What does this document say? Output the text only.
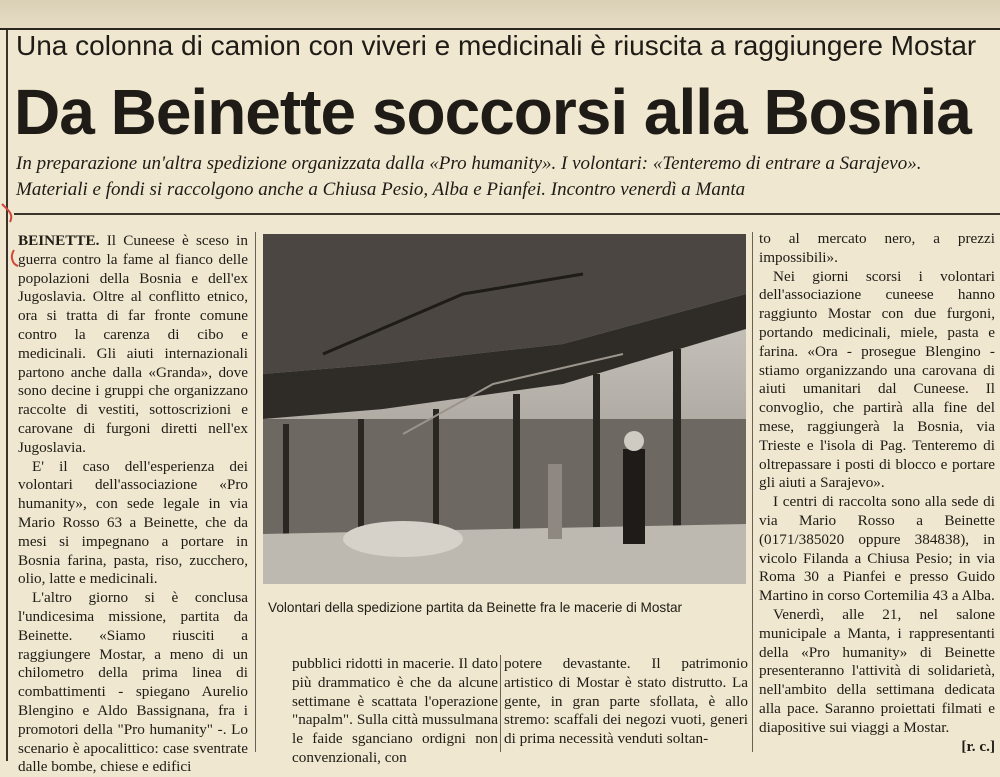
Una colonna di camion con viveri e medicinali è riuscita a raggiungere Mostar
Da Beinette soccorsi alla Bosnia
In preparazione un'altra spedizione organizzata dalla «Pro humanity». I volontari: «Tenteremo di entrare a Sarajevo». Materiali e fondi si raccolgono anche a Chiusa Pesio, Alba e Pianfei. Incontro venerdì a Manta

BEINETTE. Il Cuneese è sceso in guerra contro la fame al fianco delle popolazioni della Bosnia e dell'ex Jugoslavia. Oltre al conflitto etnico, ora si tratta di far fronte comune contro la carenza di cibo e medicinali. Gli aiuti internazionali partono anche dalla «Granda», dove sono decine i gruppi che organizzano raccolte di vestiti, sottoscrizioni e carovane di furgoni diretti nell'ex Jugoslavia.

E' il caso dell'esperienza dei volontari dell'associazione «Pro humanity», con sede legale in via Mario Rosso 63 a Beinette, che da mesi si impegnano a portare in Bosnia farina, pasta, riso, zucchero, olio, latte e medicinali.

L'altro giorno si è conclusa l'undicesima missione, partita da Beinette. «Siamo riusciti a raggiungere Mostar, a meno di un chilometro della prima linea di combattimenti - spiegano Aurelio Blengino e Aldo Bassignana, fra i promotori della "Pro humanity" -. Lo scenario è apocalittico: case sventrate dalle bombe, chiese e edifici

Volontari della spedizione partita da Beinette fra le macerie di Mostar

pubblici ridotti in macerie. Il dato più drammatico è che da alcune settimane è scattata l'operazione "napalm". Sulla città mussulmana le faide sganciano ordigni non convenzionali, con

potere devastante. Il patrimonio artistico di Mostar è stato distrutto. La gente, in gran parte sfollata, è allo stremo: scaffali dei negozi vuoti, generi di prima necessità venduti soltan-

to al mercato nero, a prezzi impossibili».

Nei giorni scorsi i volontari dell'associazione cuneese hanno raggiunto Mostar con due furgoni, portando medicinali, miele, pasta e farina. «Ora - prosegue Blengino - stiamo organizzando una carovana di aiuti umanitari dal Cuneese. Il convoglio, che partirà alla fine del mese, raggiungerà la Bosnia, via Trieste e l'isola di Pag. Tenteremo di oltrepassare i posti di blocco e portare gli aiuti a Sarajevo».

I centri di raccolta sono alla sede di via Mario Rosso a Beinette (0171/385020 oppure 384838), in vicolo Filanda a Chiusa Pesio; in via Roma 30 a Pianfei e presso Guido Martino in corso Cortemilia 43 a Alba.

Venerdì, alle 21, nel salone municipale a Manta, i rappresentanti della «Pro humanity» di Beinette presenteranno l'attività di solidarietà, nell'ambito della settimana dedicata alla pace. Saranno proiettati filmati e diapositive sui viaggi a Mostar.

[r. c.]
